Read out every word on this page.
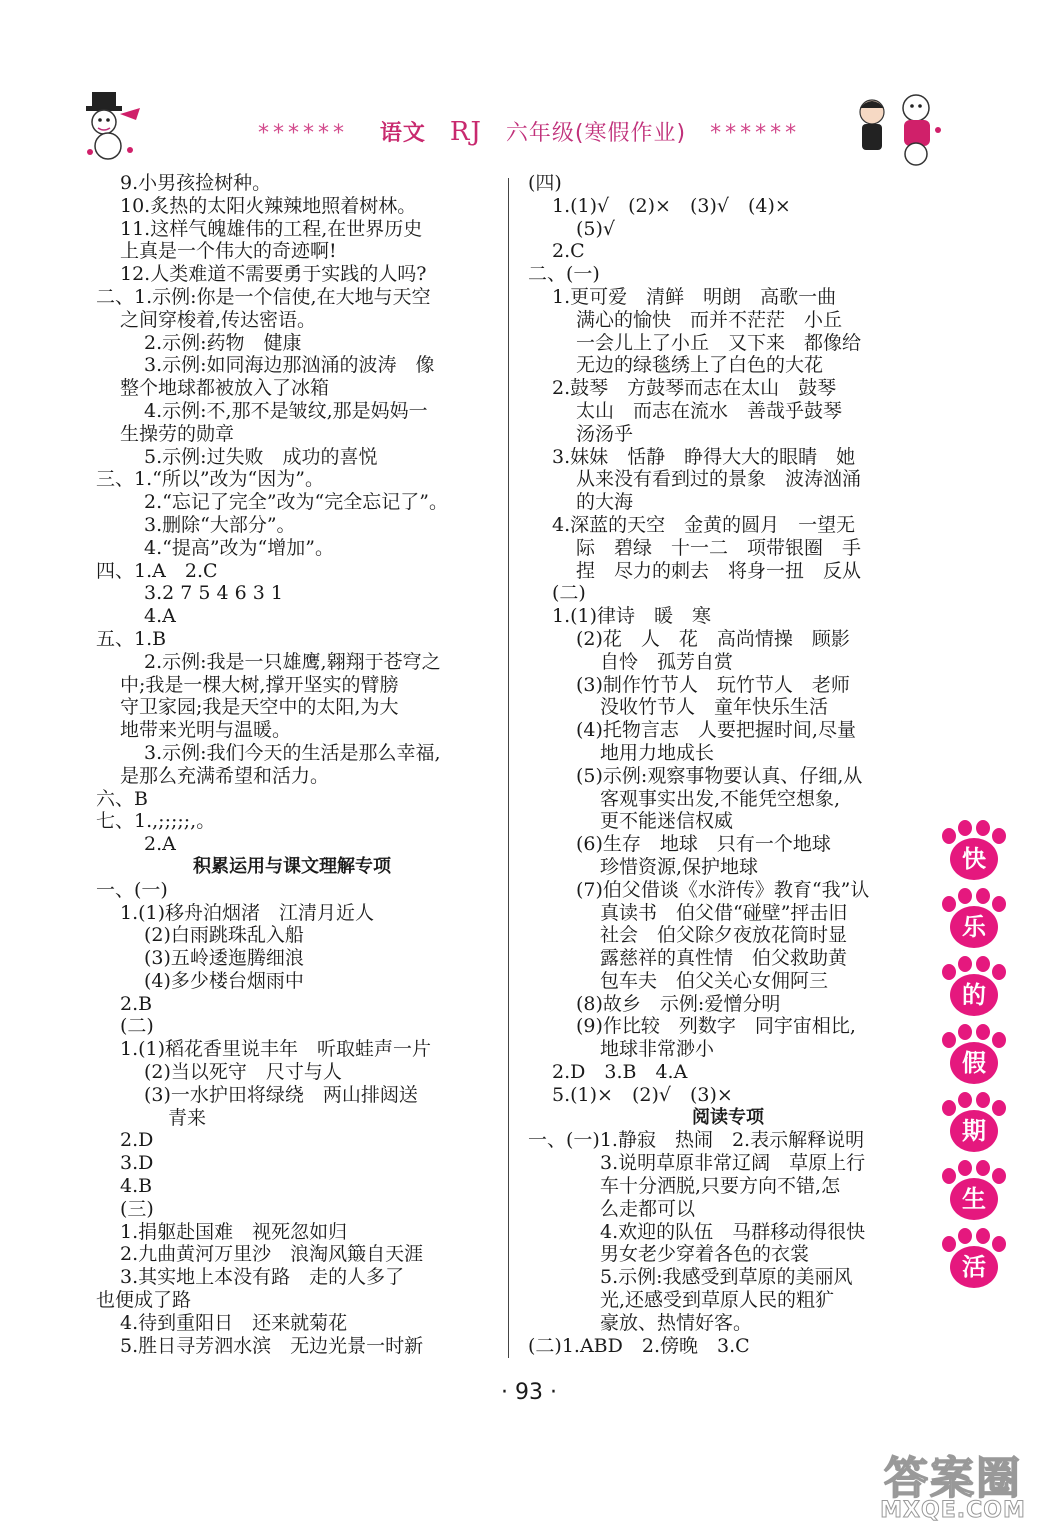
****** 语文 RJ 六年级(寒假作业) ******
9.小男孩捡树种。
10.炙热的太阳火辣辣地照着树林。
11.这样气魄雄伟的工程,在世界历史
上真是一个伟大的奇迹啊!
12.人类难道不需要勇于实践的人吗?
二、1.示例:你是一个信使,在大地与天空
之间穿梭着,传达密语。
2.示例:药物　健康
3.示例:如同海边那汹涌的波涛　像
整个地球都被放入了冰箱
4.示例:不,那不是皱纹,那是妈妈一
生操劳的勋章
5.示例:过失败　成功的喜悦
三、1.“所以”改为“因为”。
2.“忘记了完全”改为“完全忘记了”。
3.删除“大部分”。
4.“提高”改为“增加”。
四、1.A　2.C
3.2 7 5 4 6 3 1
4.A
五、1.B
2.示例:我是一只雄鹰,翱翔于苍穹之
中;我是一棵大树,撑开坚实的臂膀
守卫家园;我是天空中的太阳,为大
地带来光明与温暖。
3.示例:我们今天的生活是那么幸福,
是那么充满希望和活力。
六、B
七、1.,;;;;;,。
2.A
积累运用与课文理解专项
一、(一)
1.(1)移舟泊烟渚　江清月近人
(2)白雨跳珠乱入船
(3)五岭逶迤腾细浪
(4)多少楼台烟雨中
2.B
(二)
1.(1)稻花香里说丰年　听取蛙声一片
(2)当以死守　尺寸与人
(3)一水护田将绿绕　两山排闼送
青来
2.D
3.D
4.B
(三)
1.捐躯赴国难　视死忽如归
2.九曲黄河万里沙　浪淘风簸自天涯
3.其实地上本没有路　走的人多了
也便成了路
4.待到重阳日　还来就菊花
5.胜日寻芳泗水滨　无边光景一时新
(四)
1.(1)√　(2)×　(3)√　(4)×
(5)√
2.C
二、(一)
1.更可爱　清鲜　明朗　高歌一曲
满心的愉快　而并不茫茫　小丘
一会儿上了小丘　又下来　都像给
无边的绿毯绣上了白色的大花
2.鼓琴　方鼓琴而志在太山　鼓琴
太山　而志在流水　善哉乎鼓琴
汤汤乎
3.妹妹　恬静　睁得大大的眼睛　她
从来没有看到过的景象　波涛汹涌
的大海
4.深蓝的天空　金黄的圆月　一望无
际　碧绿　十一二　项带银圈　手
捏　尽力的刺去　将身一扭　反从
(二)
1.(1)律诗　暖　寒
(2)花　人　花　高尚情操　顾影
自怜　孤芳自赏
(3)制作竹节人　玩竹节人　老师
没收竹节人　童年快乐生活
(4)托物言志　人要把握时间,尽量
地用力地成长
(5)示例:观察事物要认真、仔细,从
客观事实出发,不能凭空想象,
更不能迷信权威
(6)生存　地球　只有一个地球
珍惜资源,保护地球
(7)伯父借谈《水浒传》教育“我”认
真读书　伯父借“碰壁”抨击旧
社会　伯父除夕夜放花筒时显
露慈祥的真性情　伯父救助黄
包车夫　伯父关心女佣阿三
(8)故乡　示例:爱憎分明
(9)作比较　列数字　同宇宙相比,
地球非常渺小
2.D　3.B　4.A
5.(1)×　(2)√　(3)×
阅读专项
一、(一)1.静寂　热闹　2.表示解释说明
3.说明草原非常辽阔　草原上行
车十分洒脱,只要方向不错,怎
么走都可以
4.欢迎的队伍　马群移动得很快
男女老少穿着各色的衣裳
5.示例:我感受到草原的美丽风
光,还感受到草原人民的粗犷
豪放、热情好客。
(二)1.ABD　2.傍晚　3.C
快
乐
的
假
期
生
活
· 93 ·
答案圈
MXQE.COM
